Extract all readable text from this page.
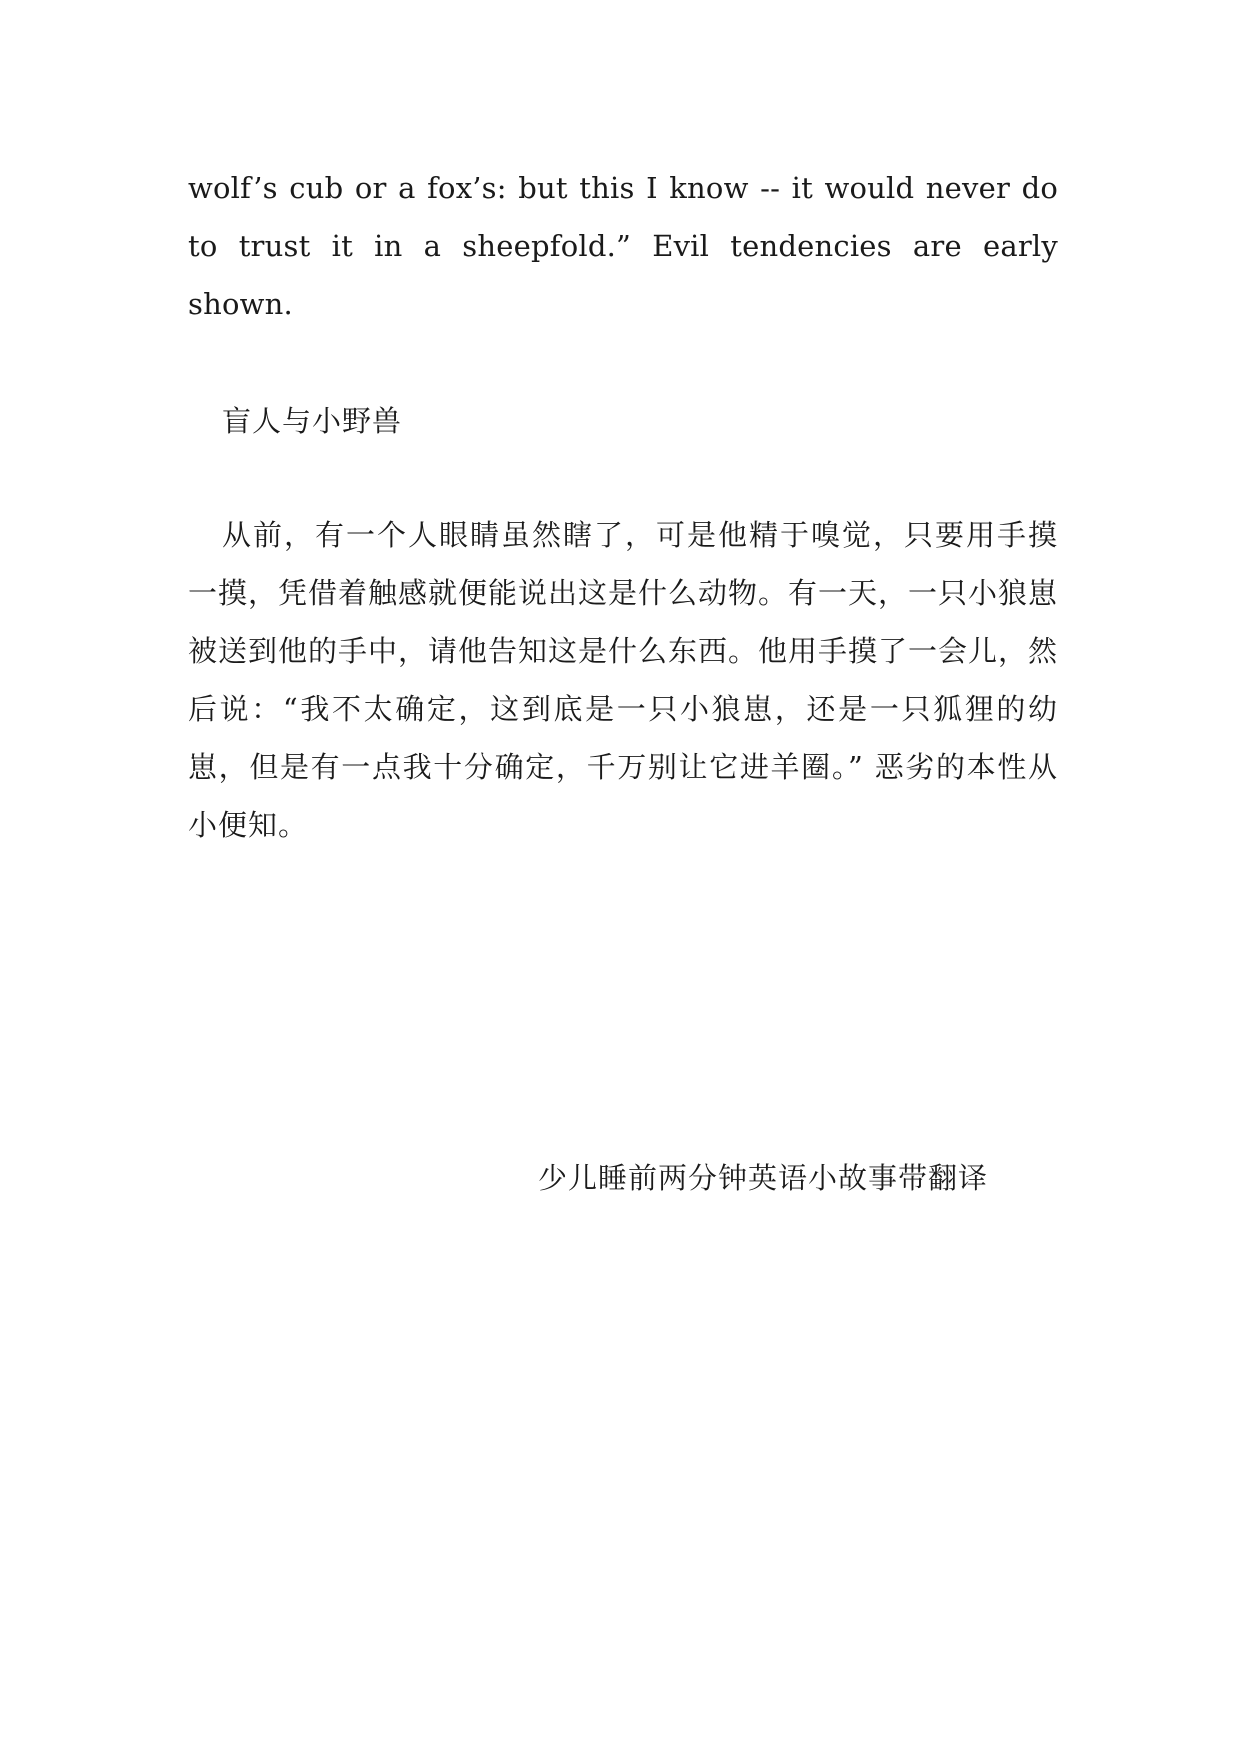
wolf’s cub or a fox’s: but this I know -- it would never do to trust it in a sheepfold.” Evil tendencies are early shown.

盲人与小野兽

从前，有一个人眼睛虽然瞎了，可是他精于嗅觉，只要用手摸一摸，凭借着触感就便能说出这是什么动物。有一天，一只小狼崽被送到他的手中，请他告知这是什么东西。他用手摸了一会儿，然后说：“我不太确定，这到底是一只小狼崽，还是一只狐狸的幼崽，但是有一点我十分确定，千万别让它进羊圈。” 恶劣的本性从小便知。

少儿睡前两分钟英语小故事带翻译
